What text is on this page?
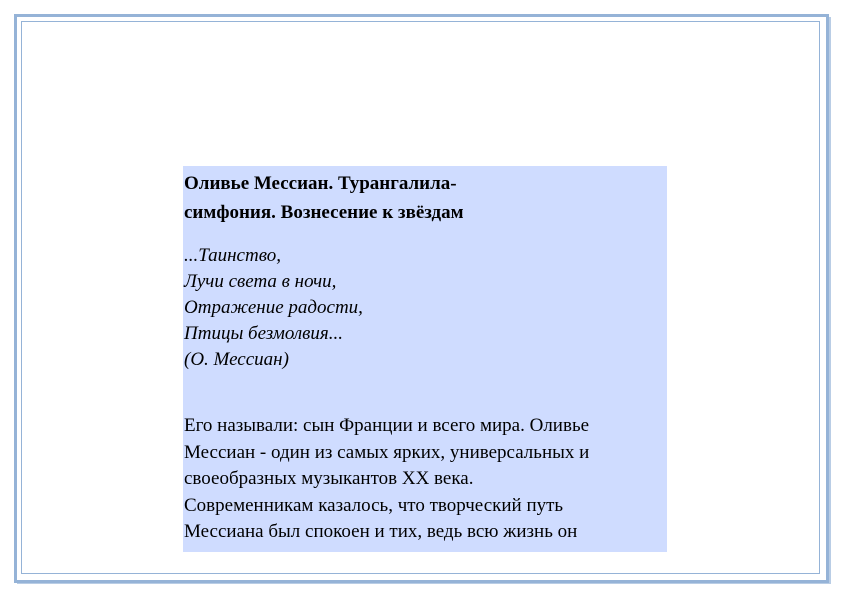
Оливье Мессиан. Турангалила-
симфония. Вознесение к звёздам
...Таинство,
Лучи света в ночи,
Отражение радости,
Птицы безмолвия...
(О. Мессиан)
Его называли: сын Франции и всего мира. Оливье
Мессиан - один из самых ярких, универсальных и
своеобразных музыкантов XX века.
Современникам казалось, что творческий путь
Мессиана был спокоен и тих, ведь всю жизнь он
